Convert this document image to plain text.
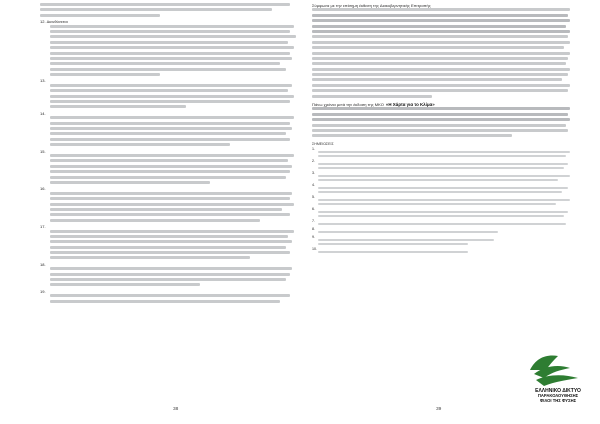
12. Διευθύνεται
13.
14.
15.
16.
17.
18.
19.
38
Σύμφωνα με την επίσημη έκθεση της Διακυβερνητικής Επιτροπής
Πάνω χρόνια μετά την έκδοση της ΜΚΟ «Η Χάρτα για το Κλίμα»
ΣΗΜΕΙΩΣΕΙΣ
1.
2.
3.
4.
5.
6.
7.
8.
9.
10.
ΕΛΛΗΝΙΚΟ ΔΙΚΤΥΟ
ΠΑΡΑΚΟΛΟΥΘΗΣΗΣ
ΦΙΛΟΙ ΤΗΣ ΦΥΣΗΣ
39
